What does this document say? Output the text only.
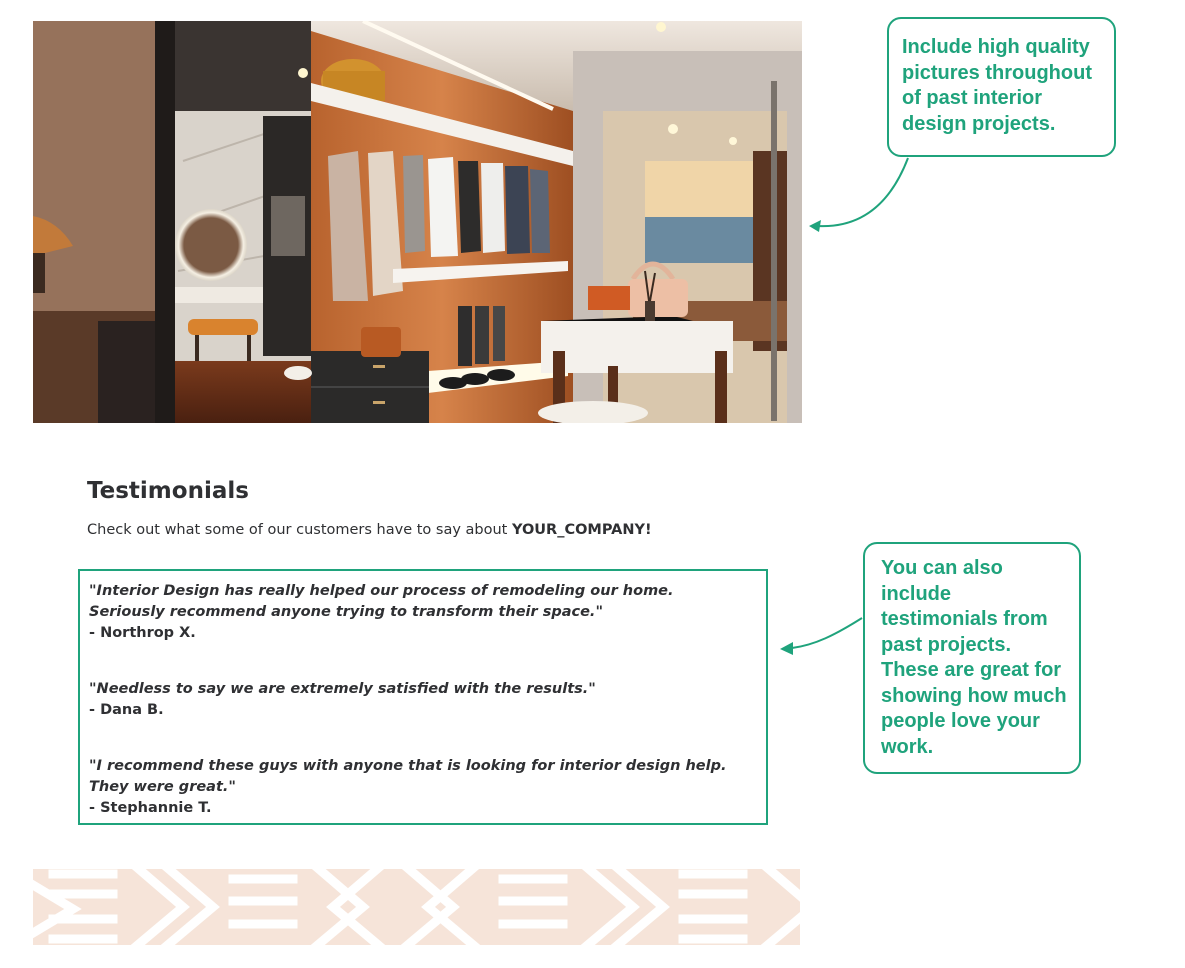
Include high quality pictures throughout of past interior design projects.
You can also include testimonials from past projects. These are great for showing how much people love your work.
Testimonials

Check out what some of our customers have to say about YOUR_COMPANY!

"Interior Design has really helped our process of remodeling our home.
Seriously recommend anyone trying to transform their space."
- Northrop X.
"Needless to say we are extremely satisfied with the results."
- Dana B.
"I recommend these guys with anyone that is looking for interior design help.
They were great."
- Stephannie T.
